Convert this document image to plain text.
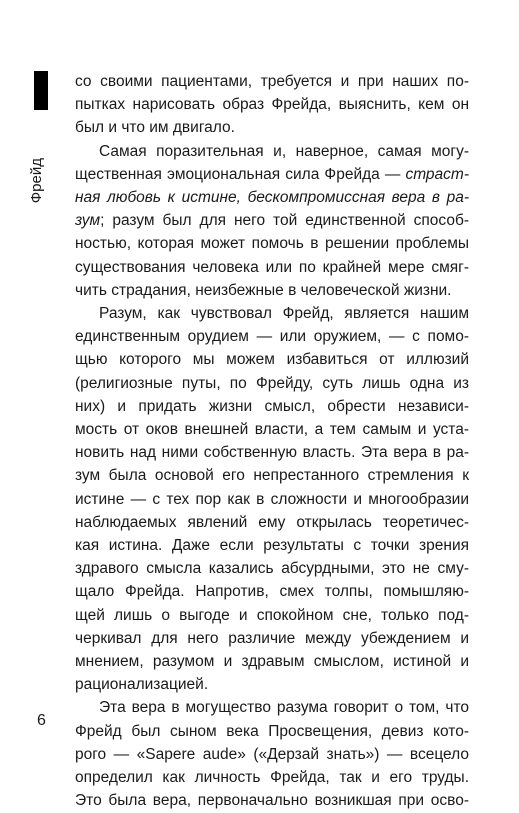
Фрейд

со своими пациентами, требуется и при наших по-
пытках нарисовать образ Фрейда, выяснить, кем он
был и что им двигало.

Самая поразительная и, наверное, самая могу-
щественная эмоциональная сила Фрейда — страст-
ная любовь к истине, бескомпромиссная вера в ра-
зум; разум был для него той единственной способ-
ностью, которая может помочь в решении проблемы
существования человека или по крайней мере смяг-
чить страдания, неизбежные в человеческой жизни.

Разум, как чувствовал Фрейд, является нашим
единственным орудием — или оружием, — с помо-
щью которого мы можем избавиться от иллюзий
(религиозные путы, по Фрейду, суть лишь одна из
них) и придать жизни смысл, обрести независи-
мость от оков внешней власти, а тем самым и уста-
новить над ними собственную власть. Эта вера в ра-
зум была основой его непрестанного стремления к
истине — с тех пор как в сложности и многообразии
наблюдаемых явлений ему открылась теоретичес-
кая истина. Даже если результаты с точки зрения
здравого смысла казались абсурдными, это не сму-
щало Фрейда. Напротив, смех толпы, помышляю-
щей лишь о выгоде и спокойном сне, только под-
черкивал для него различие между убеждением и
мнением, разумом и здравым смыслом, истиной и
рационализацией.

Эта вера в могущество разума говорит о том, что
Фрейд был сыном века Просвещения, девиз кото-
рого — «Sapere aude» («Дерзай знать») — всецело
определил как личность Фрейда, так и его труды.
Это была вера, первоначально возникшая при осво-

6
